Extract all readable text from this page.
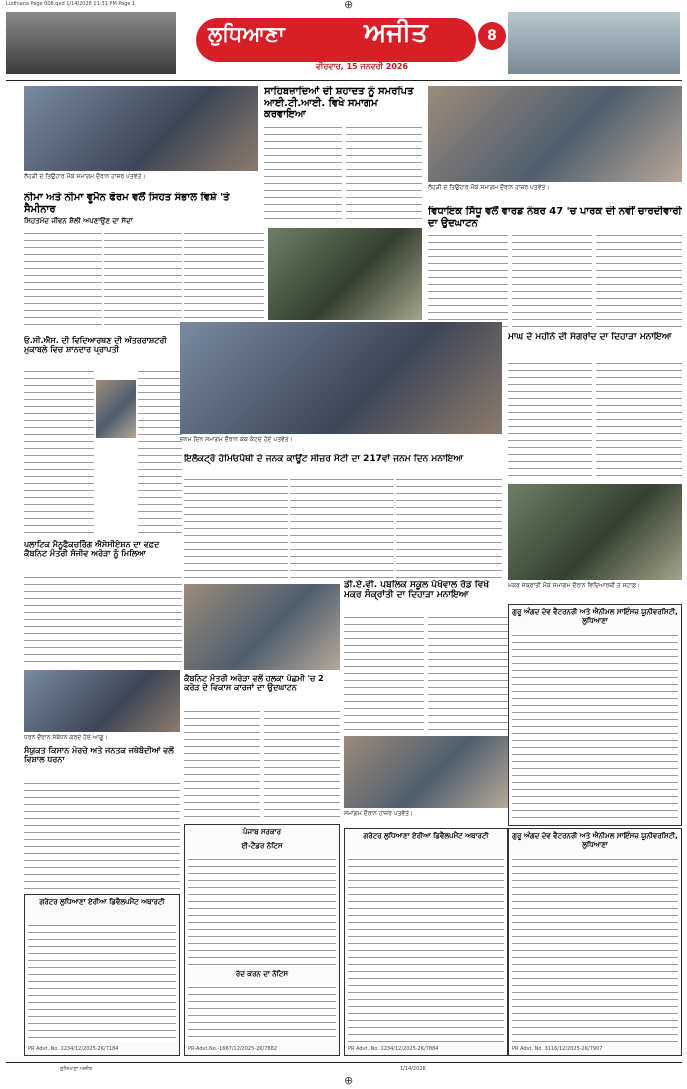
Ludhiana Page 008.qxd 1/14/2026 11:31 PM Page 1	⊕
ਲੁਧਿਆਣਾ	ਅਜੀਤ
ਵੀਰਵਾਰ, 15 ਜਨਵਰੀ 2026
8
ਲੋਹੜੀ ਦੇ ਤਿਉਹਾਰ ਮੌਕੇ ਸਮਾਗਮ ਦੌਰਾਨ ਹਾਜ਼ਰ ਪਤਵੰਤੇ।
ਸਾਹਿਬਜ਼ਾਦਿਆਂ ਦੀ ਸ਼ਹਾਦਤ ਨੂੰ ਸਮਰਪਿਤ ਆਈ.ਟੀ.ਆਈ. ਵਿਖੇ ਸਮਾਗਮ ਕਰਵਾਇਆ
ਲੋਹੜੀ ਦੇ ਤਿਉਹਾਰ ਮੌਕੇ ਸਮਾਗਮ ਦੌਰਾਨ ਹਾਜ਼ਰ ਪਤਵੰਤੇ।
ਨੀਮਾ ਅਤੇ ਨੀਮਾ ਵੂਮੈਨ ਫੋਰਮ ਵਲੋਂ ਸਿਹਤ ਸੰਭਾਲ ਵਿਸ਼ੇ 'ਤੇ ਸੈਮੀਨਾਰ
ਸਿਹਤਮੰਦ ਜੀਵਨ ਸ਼ੈਲੀ ਅਪਣਾਉਣ ਦਾ ਸੱਦਾ
ਵਿਧਾਇਕ ਸਿੱਧੂ ਵਲੋਂ ਵਾਰਡ ਨੰਬਰ 47 'ਚ ਪਾਰਕ ਦੀ ਨਵੀਂ ਚਾਰਦੀਵਾਰੀ ਦਾ ਉਦਘਾਟਨ
ਓ.ਸੀ.ਐਸ. ਦੀ ਵਿਦਿਆਰਥਣ ਦੀ ਅੰਤਰਰਾਸ਼ਟਰੀ ਮੁਕਾਬਲੇ ਵਿਚ ਸ਼ਾਨਦਾਰ ਪ੍ਰਾਪਤੀ
ਜਨਮ ਦਿਨ ਸਮਾਗਮ ਦੌਰਾਨ ਕੇਕ ਕੱਟਦੇ ਹੋਏ ਪਤਵੰਤੇ।
ਮਾਘ ਦੇ ਮਹੀਨੇ ਦੀ ਸੰਗਰਾਂਦ ਦਾ ਦਿਹਾੜਾ ਮਨਾਇਆ
ਇਲੈਕਟ੍ਰੋ ਹੋਮਿਓਪੈਥੀ ਦੇ ਜਨਕ ਕਾਊਂਟ ਸੀਜ਼ਰ ਮੈਟੀ ਦਾ 217ਵਾਂ ਜਨਮ ਦਿਨ ਮਨਾਇਆ
ਪਲਾਟਿਕ ਮੈਨੂਫੈਕਚਰਿੰਗ ਐਸੋਸੀਏਸ਼ਨ ਦਾ ਵਫ਼ਦ ਕੈਬਨਿਟ ਮੰਤਰੀ ਸੰਜੀਵ ਅਰੋੜਾ ਨੂੰ ਮਿਲਿਆ
ਡੀ.ਏ.ਵੀ. ਪਬਲਿਕ ਸਕੂਲ ਪੱਖੋਵਾਲ ਰੋਡ ਵਿਖੇ ਮਕਰ ਸੰਕ੍ਰਾਂਤੀ ਦਾ ਦਿਹਾੜਾ ਮਨਾਇਆ
ਮਕਰ ਸੰਕ੍ਰਾਂਤੀ ਮੌਕੇ ਸਮਾਗਮ ਦੌਰਾਨ ਵਿਦਿਆਰਥੀ ਤੇ ਸਟਾਫ਼।
ਕੈਬਨਿਟ ਮੰਤਰੀ ਅਰੋੜਾ ਵਲੋਂ ਹਲਕਾ ਪੱਛਮੀ 'ਚ 2 ਕਰੋੜ ਦੇ ਵਿਕਾਸ ਕਾਰਜਾਂ ਦਾ ਉਦਘਾਟਨ
ਧਰਨੇ ਦੌਰਾਨ ਸੰਬੋਧਨ ਕਰਦੇ ਹੋਏ ਆਗੂ।
ਸੰਯੁਕਤ ਕਿਸਾਨ ਮੋਰਚੇ ਅਤੇ ਜਨਤਕ ਜਥੇਬੰਦੀਆਂ ਵਲੋਂ ਵਿਸ਼ਾਲ ਧਰਨਾ
ਸਮਾਗਮ ਦੌਰਾਨ ਹਾਜ਼ਰ ਪਤਵੰਤੇ।
ਗੁਰੂ ਅੰਗਦ ਦੇਵ ਵੈਟਰਨਰੀ ਅਤੇ ਐਨੀਮਲ ਸਾਇੰਸਜ਼ ਯੂਨੀਵਰਸਿਟੀ, ਲੁਧਿਆਣਾ
ਗਰੇਟਰ ਲੁਧਿਆਣਾ ਏਰੀਆ ਡਿਵੈਲਪਮੈਂਟ ਅਥਾਰਟੀ
PR Advt. No. 1234/12/2025-2K/7884
ਪੰਜਾਬ ਸਰਕਾਰ
ਈ-ਟੈਂਡਰ ਨੋਟਿਸ
ਰੱਦ ਕਰਨ ਦਾ ਨੋਟਿਸ
PR-Advt.No.-1667/12/2025-2K/7882
ਗਰੇਟਰ ਲੁਧਿਆਣਾ ਏਰੀਆ ਡਿਵੈਲਪਮੈਂਟ ਅਥਾਰਟੀ
PR Advt. No. 1234/12/2025-2K/7184
ਗੁਰੂ ਅੰਗਦ ਦੇਵ ਵੈਟਰਨਰੀ ਅਤੇ ਐਨੀਮਲ ਸਾਇੰਸਜ਼ ਯੂਨੀਵਰਸਿਟੀ, ਲੁਧਿਆਣਾ
PR Advt. No. 3116/12/2025-2K/7907
ਲੁਧਿਆਣਾ ਅਜੀਤ	1/14/2026
⊕
